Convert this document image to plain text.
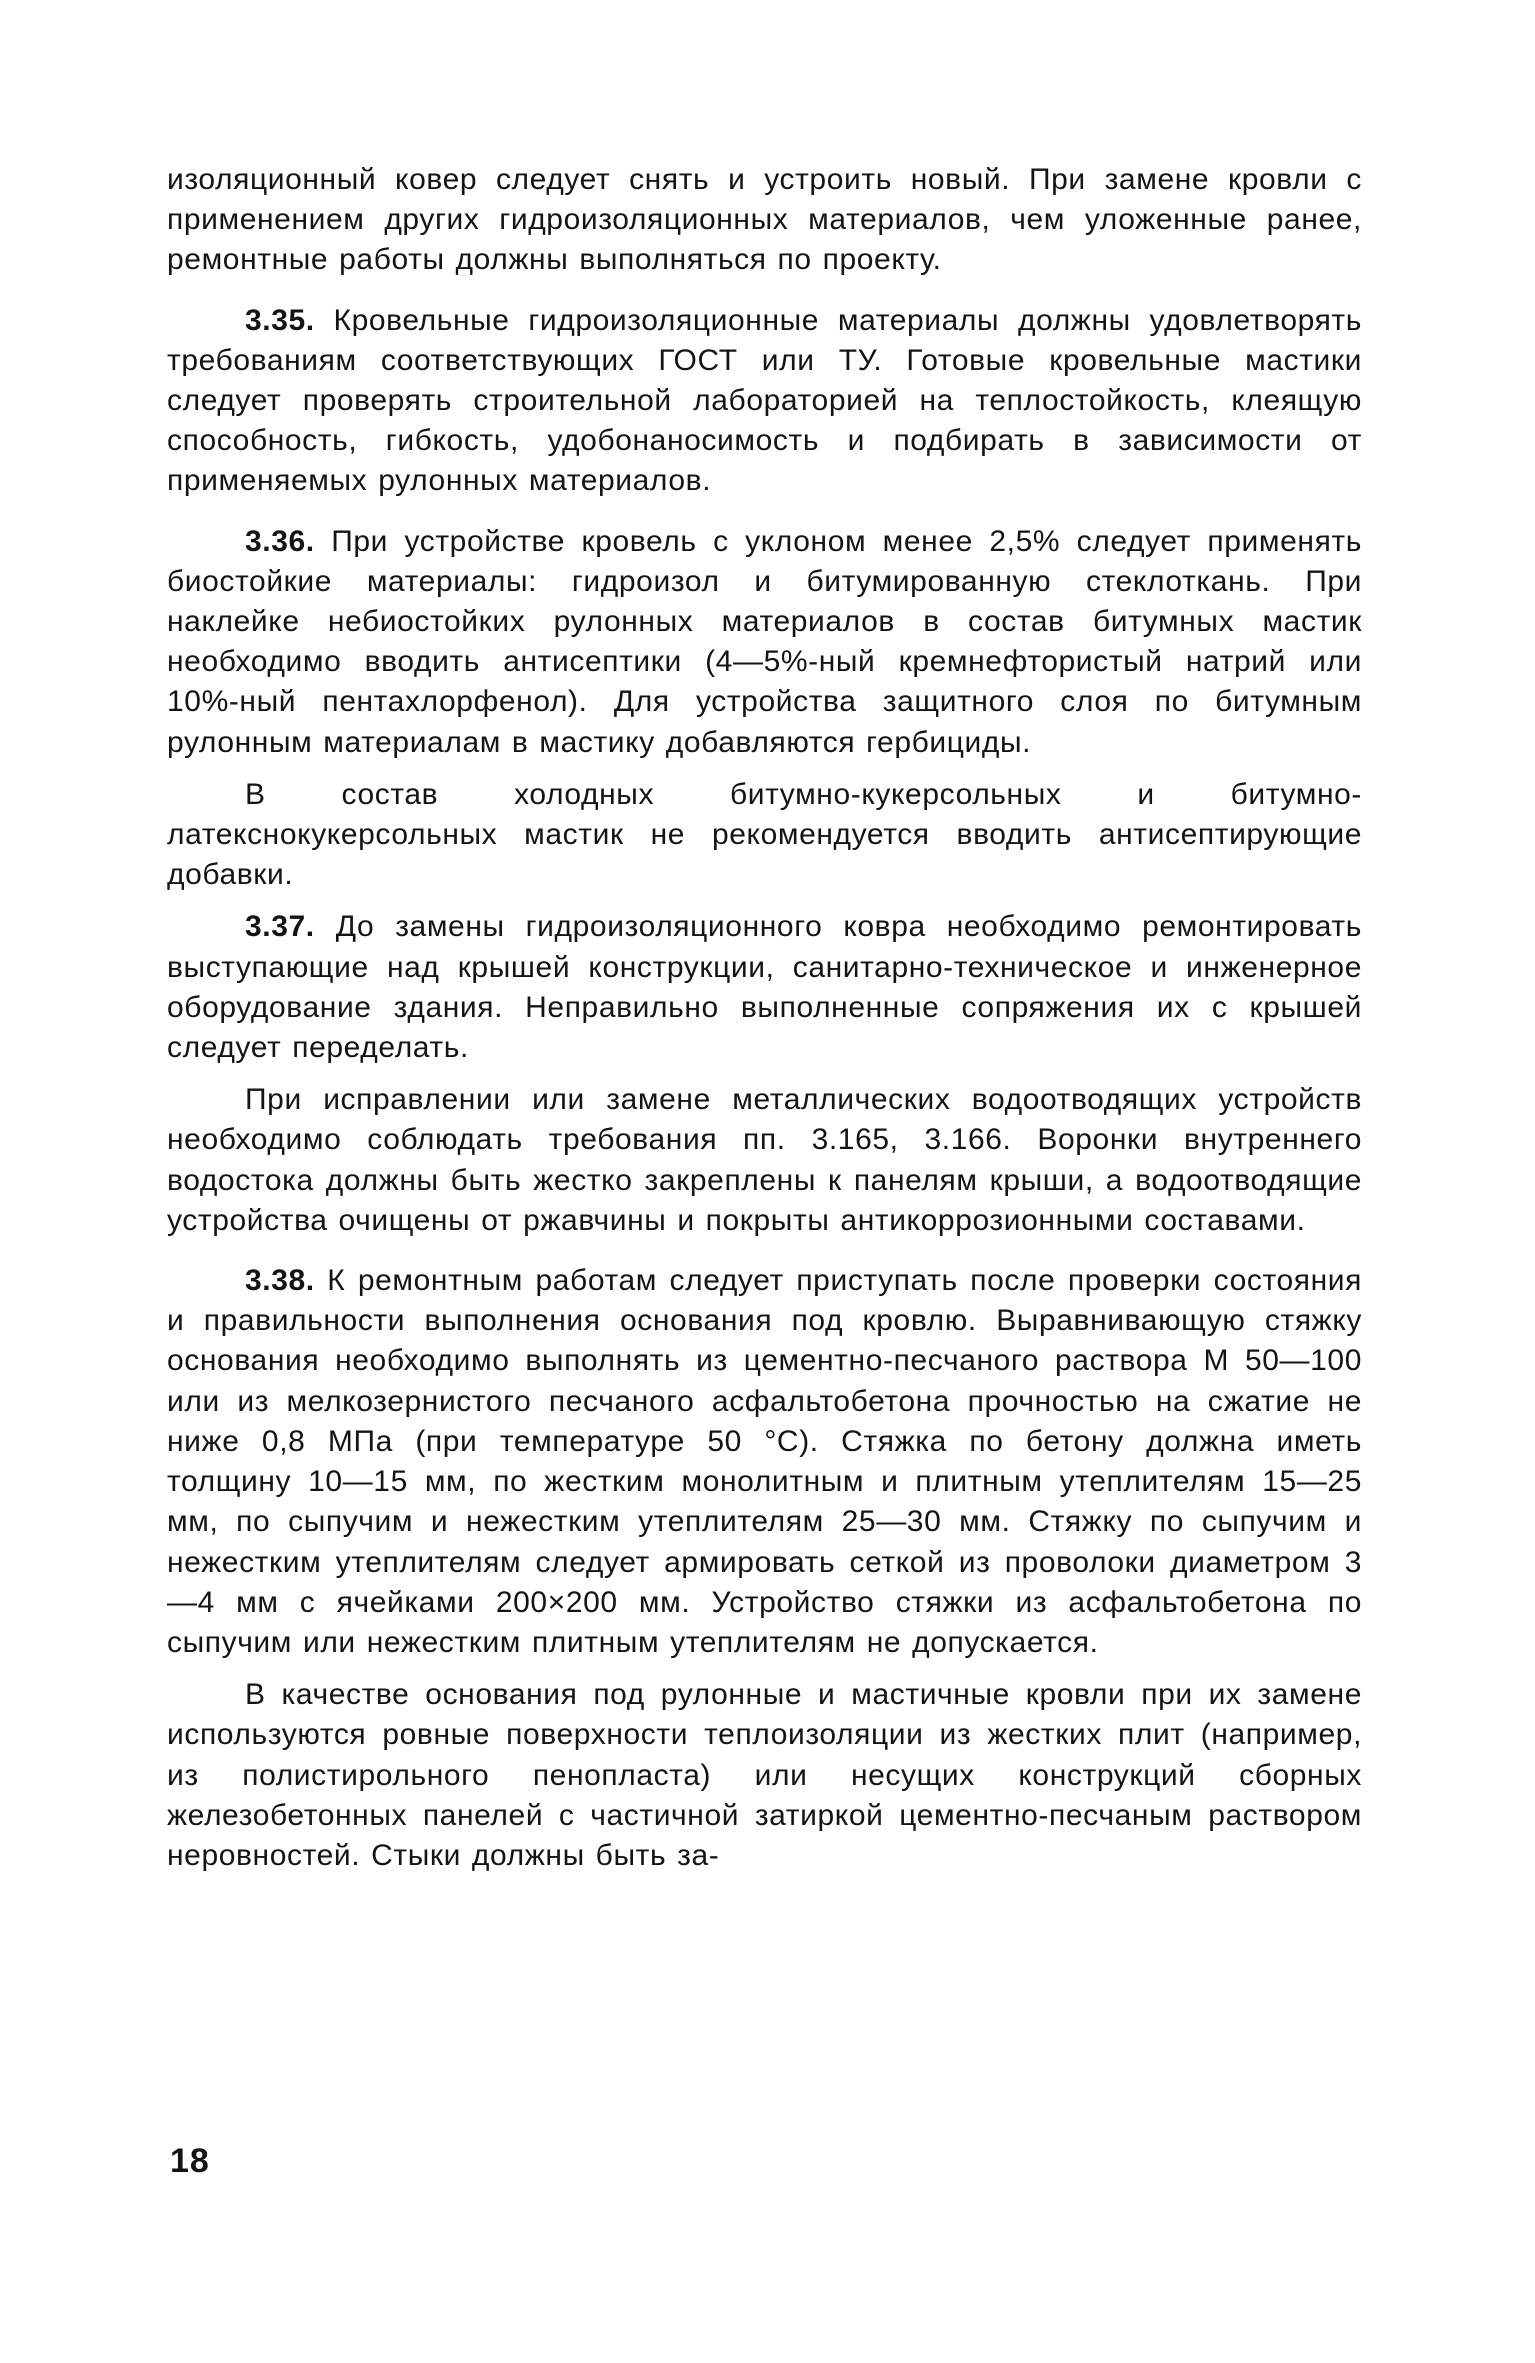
изоляционный ковер следует снять и устроить новый. При замене кровли с применением других гидроизоляционных материалов, чем уложенные ранее, ремонтные работы должны выполняться по проекту.

3.35. Кровельные гидроизоляционные материалы должны удовлетворять требованиям соответствующих ГОСТ или ТУ. Готовые кровельные мастики следует проверять строительной лабораторией на теплостойкость, клеящую способность, гибкость, удобонаносимость и подбирать в зависимости от применяемых рулонных материалов.

3.36. При устройстве кровель с уклоном менее 2,5% следует применять биостойкие материалы: гидроизол и битумированную стеклоткань. При наклейке небиостойких рулонных материалов в состав битумных мастик необходимо вводить антисептики (4—5%-ный кремнефтористый натрий или 10%-ный пентахлорфенол). Для устройства защитного слоя по битумным рулонным материалам в мастику добавляются гербициды.

В состав холодных битумно-кукерсольных и битумно-латекснокукерсольных мастик не рекомендуется вводить антисептирующие добавки.

3.37. До замены гидроизоляционного ковра необходимо ремонтировать выступающие над крышей конструкции, санитарно-техническое и инженерное оборудование здания. Неправильно выполненные сопряжения их с крышей следует переделать.

При исправлении или замене металлических водоотводящих устройств необходимо соблюдать требования пп. 3.165, 3.166. Воронки внутреннего водостока должны быть жестко закреплены к панелям крыши, а водоотводящие устройства очищены от ржавчины и покрыты антикоррозионными составами.

3.38. К ремонтным работам следует приступать после проверки состояния и правильности выполнения основания под кровлю. Выравнивающую стяжку основания необходимо выполнять из цементно-песчаного раствора М 50—100 или из мелкозернистого песчаного асфальтобетона прочностью на сжатие не ниже 0,8 МПа (при температуре 50 °С). Стяжка по бетону должна иметь толщину 10—15 мм, по жестким монолитным и плитным утеплителям 15—25 мм, по сыпучим и нежестким утеплителям 25—30 мм. Стяжку по сыпучим и нежестким утеплителям следует армировать сеткой из проволоки диаметром 3—4 мм с ячейками 200×200 мм. Устройство стяжки из асфальтобетона по сыпучим или нежестким плитным утеплителям не допускается.

В качестве основания под рулонные и мастичные кровли при их замене используются ровные поверхности теплоизоляции из жестких плит (например, из полистирольного пенопласта) или несущих конструкций сборных железобетонных панелей с частичной затиркой цементно-песчаным раствором неровностей. Стыки должны быть за-

18
